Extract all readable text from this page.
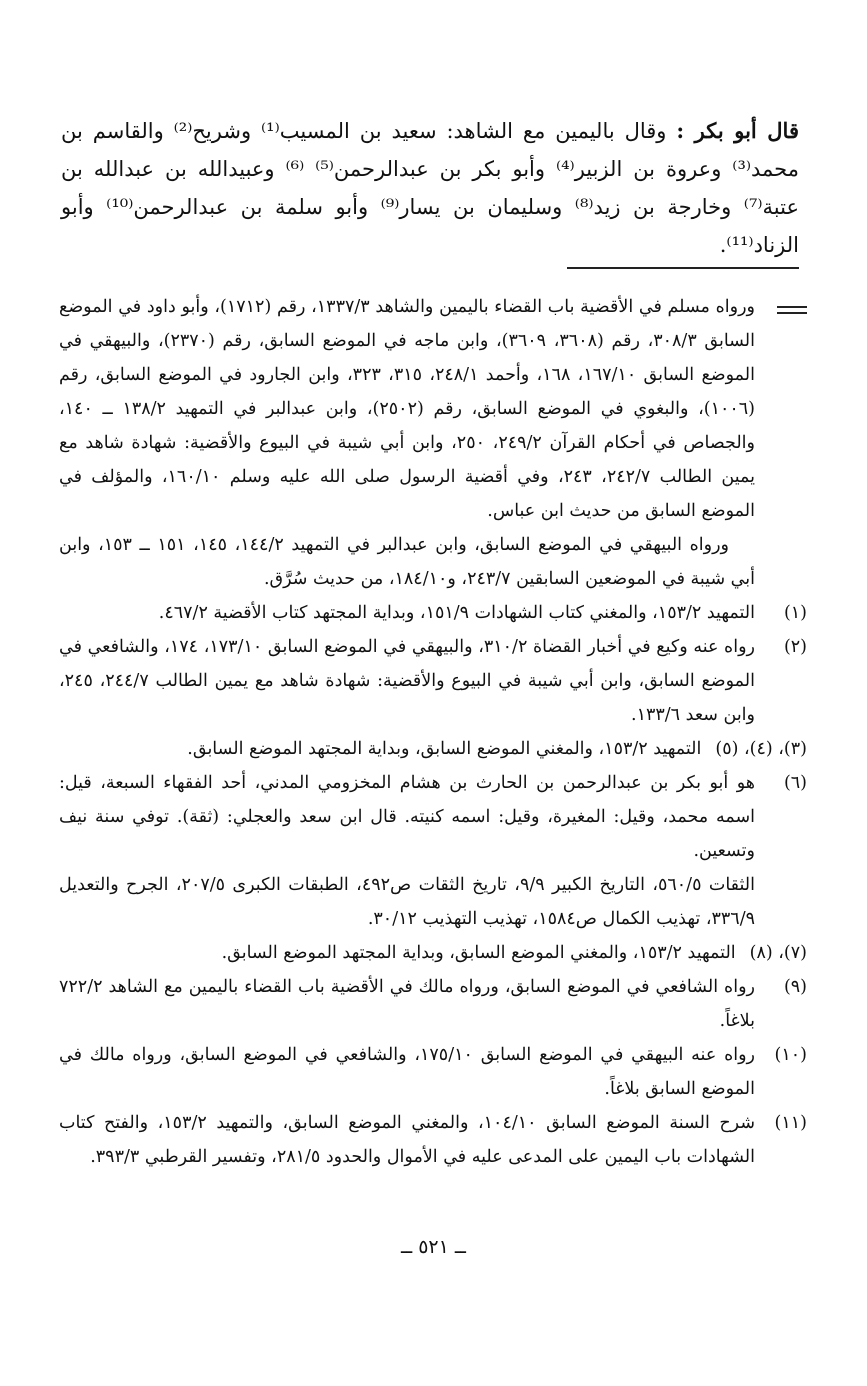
قال أبو بكر : وقال باليمين مع الشاهد: سعيد بن المسيب⁽¹⁾ وشريح⁽²⁾ والقاسم بن محمد⁽³⁾ وعروة بن الزبير⁽⁴⁾ وأبو بكر بن عبدالرحمن⁽⁵⁾ ⁽⁶⁾ وعبيدالله بن عبدالله بن عتبة⁽⁷⁾ وخارجة بن زيد⁽⁸⁾ وسليمان بن يسار⁽⁹⁾ وأبو سلمة بن عبدالرحمن⁽¹⁰⁾ وأبو الزناد⁽¹¹⁾.

ورواه مسلم في الأقضية باب القضاء باليمين والشاهد ١٣٣٧/٣، رقم (١٧١٢)، وأبو داود في الموضع السابق ٣٠٨/٣، رقم (٣٦٠٨، ٣٦٠٩)، وابن ماجه في الموضع السابق، رقم (٢٣٧٠)، والبيهقي في الموضع السابق ١٦٧/١٠، ١٦٨، وأحمد ٢٤٨/١، ٣١٥، ٣٢٣، وابن الجارود في الموضع السابق، رقم (١٠٠٦)، والبغوي في الموضع السابق، رقم (٢٥٠٢)، وابن عبدالبر في التمهيد ١٣٨/٢ ــ ١٤٠، والجصاص في أحكام القرآن ٢٤٩/٢، ٢٥٠، وابن أبي شيبة في البيوع والأقضية: شهادة شاهد مع يمين الطالب ٢٤٢/٧، ٢٤٣، وفي أقضية الرسول صلى الله عليه وسلم ١٦٠/١٠، والمؤلف في الموضع السابق من حديث ابن عباس.

ورواه البيهقي في الموضع السابق، وابن عبدالبر في التمهيد ١٤٤/٢، ١٤٥، ١٥١ ــ ١٥٣، وابن أبي شيبة في الموضعين السابقين ٢٤٣/٧، و١٨٤/١٠، من حديث سُرَّق.

(١)

التمهيد ١٥٣/٢، والمغني كتاب الشهادات ١٥١/٩، وبداية المجتهد كتاب الأقضية ٤٦٧/٢.

(٢)

رواه عنه وكيع في أخبار القضاة ٣١٠/٢، والبيهقي في الموضع السابق ١٧٣/١٠، ١٧٤، والشافعي في الموضع السابق، وابن أبي شيبة في البيوع والأقضية: شهادة شاهد مع يمين الطالب ٢٤٤/٧، ٢٤٥، وابن سعد ١٣٣/٦.

(٣)، (٤)، (٥)

التمهيد ١٥٣/٢، والمغني الموضع السابق، وبداية المجتهد الموضع السابق.

(٦)

هو أبو بكر بن عبدالرحمن بن الحارث بن هشام المخزومي المدني، أحد الفقهاء السبعة، قيل: اسمه محمد، وقيل: المغيرة، وقيل: اسمه كنيته. قال ابن سعد والعجلي: (ثقة). توفي سنة نيف وتسعين.

الثقات ٥٦٠/٥، التاريخ الكبير ٩/٩، تاريخ الثقات ص٤٩٢، الطبقات الكبرى ٢٠٧/٥، الجرح والتعديل ٣٣٦/٩، تهذيب الكمال ص١٥٨٤، تهذيب التهذيب ٣٠/١٢.

(٧)، (٨)

التمهيد ١٥٣/٢، والمغني الموضع السابق، وبداية المجتهد الموضع السابق.

(٩)

رواه الشافعي في الموضع السابق، ورواه مالك في الأقضية باب القضاء باليمين مع الشاهد ٧٢٢/٢ بلاغاً.

(١٠)

رواه عنه البيهقي في الموضع السابق ١٧٥/١٠، والشافعي في الموضع السابق، ورواه مالك في الموضع السابق بلاغاً.

(١١)

شرح السنة الموضع السابق ١٠٤/١٠، والمغني الموضع السابق، والتمهيد ١٥٣/٢، والفتح كتاب الشهادات باب اليمين على المدعى عليه في الأموال والحدود ٢٨١/٥، وتفسير القرطبي ٣٩٣/٣.

ــ ٥٢١ ــ
